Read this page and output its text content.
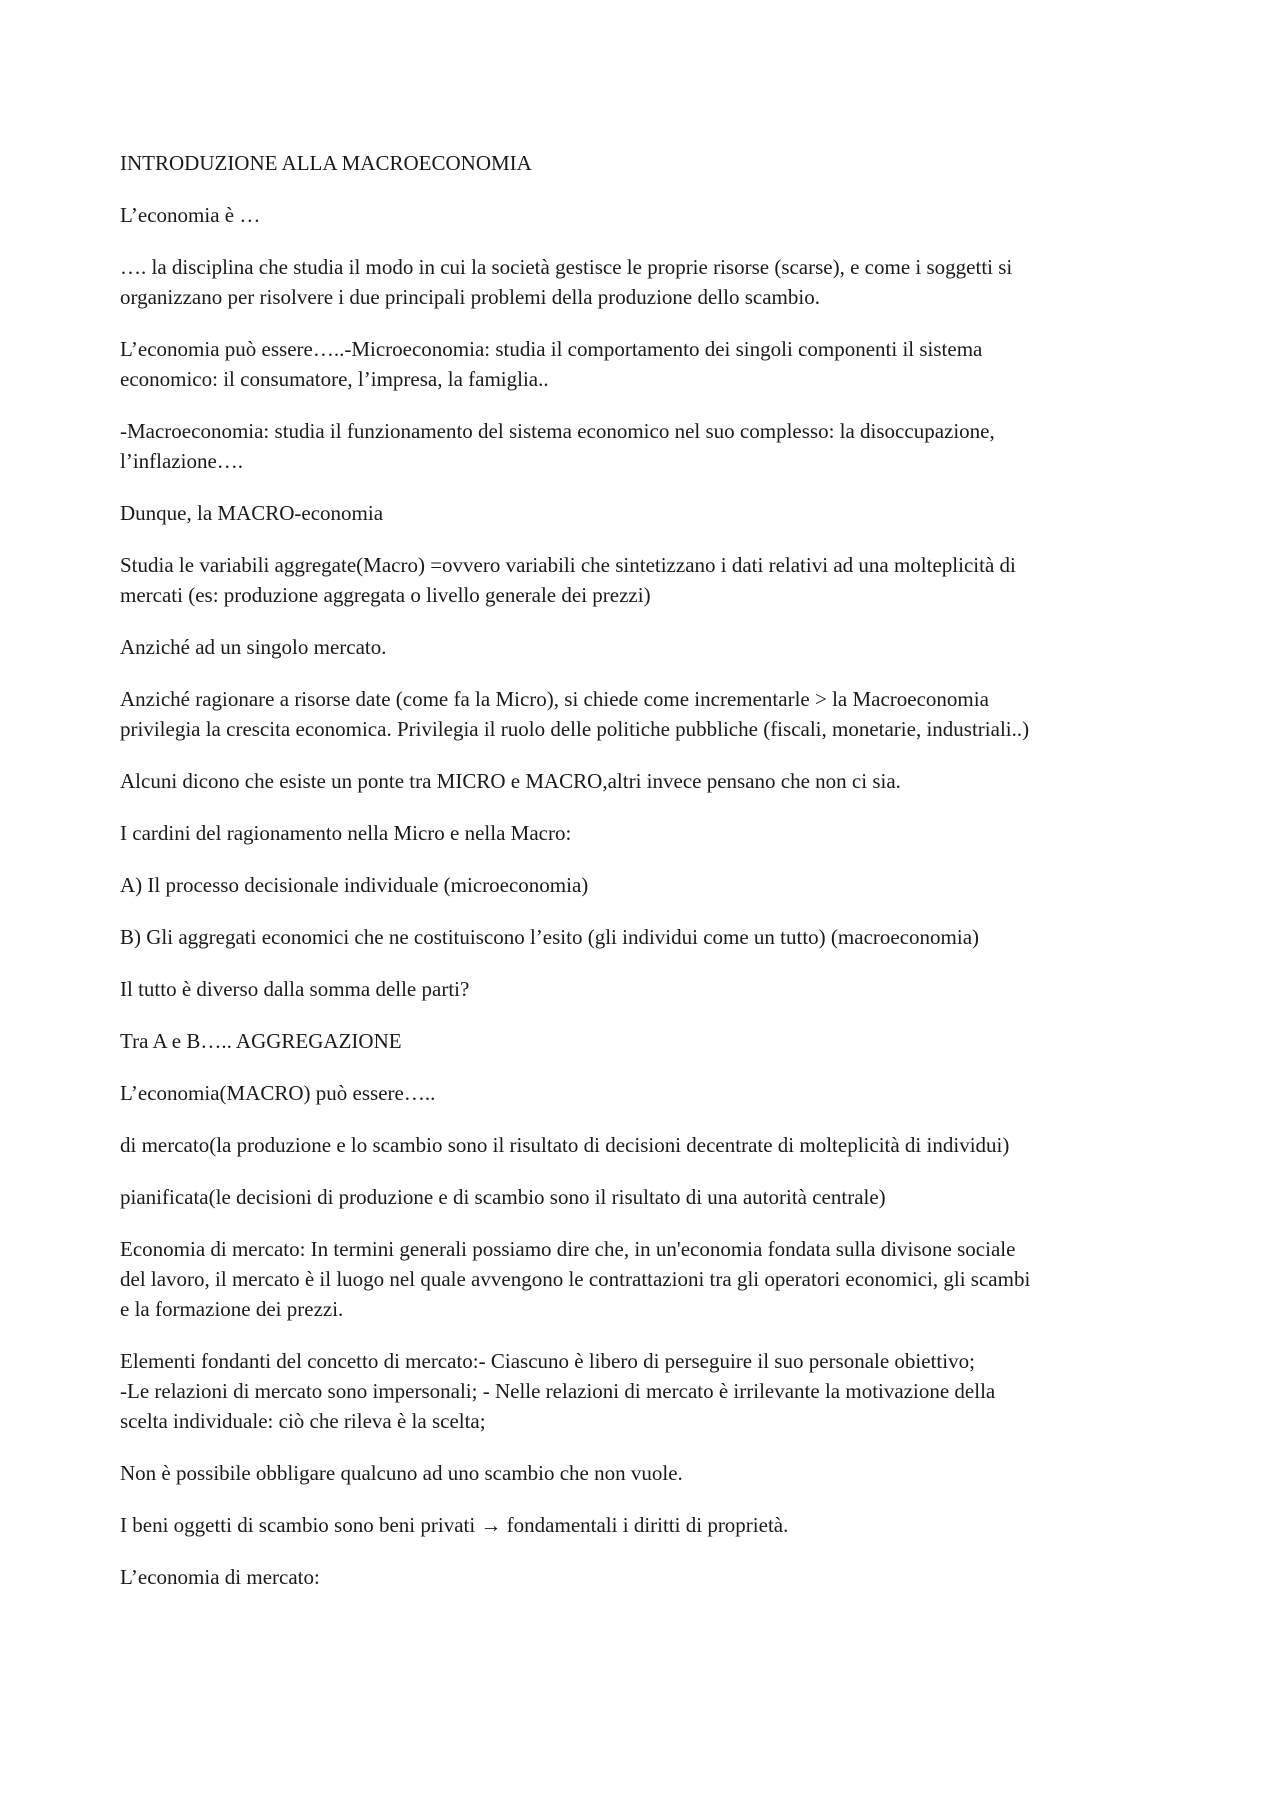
INTRODUZIONE ALLA MACROECONOMIA

L’economia è …

…. la disciplina che studia il modo in cui la società gestisce le proprie risorse (scarse), e come i soggetti si
organizzano per risolvere i due principali problemi della produzione dello scambio.

L’economia può essere…..-Microeconomia: studia il comportamento dei singoli componenti il sistema
economico: il consumatore, l’impresa, la famiglia..

-Macroeconomia: studia il funzionamento del sistema economico nel suo complesso: la disoccupazione,
l’inflazione….

Dunque, la MACRO-economia

Studia le variabili aggregate(Macro) =ovvero variabili che sintetizzano i dati relativi ad una molteplicità di
mercati (es: produzione aggregata o livello generale dei prezzi)

Anziché ad un singolo mercato.

Anziché ragionare a risorse date (come fa la Micro), si chiede come incrementarle > la Macroeconomia
privilegia la crescita economica. Privilegia il ruolo delle politiche pubbliche (fiscali, monetarie, industriali..)

Alcuni dicono che esiste un ponte tra MICRO e MACRO,altri invece pensano che non ci sia.

I cardini del ragionamento nella Micro e nella Macro:

A) Il processo decisionale individuale (microeconomia)

B) Gli aggregati economici che ne costituiscono l’esito (gli individui come un tutto) (macroeconomia)

Il tutto è diverso dalla somma delle parti?

Tra A e B….. AGGREGAZIONE

L’economia(MACRO) può essere…..

di mercato(la produzione e lo scambio sono il risultato di decisioni decentrate di molteplicità di individui)

pianificata(le decisioni di produzione e di scambio sono il risultato di una autorità centrale)

Economia di mercato: In termini generali possiamo dire che, in un'economia fondata sulla divisone sociale
del lavoro, il mercato è il luogo nel quale avvengono le contrattazioni tra gli operatori economici, gli scambi
e la formazione dei prezzi.

Elementi fondanti del concetto di mercato:- Ciascuno è libero di perseguire il suo personale obiettivo;
-Le relazioni di mercato sono impersonali; - Nelle relazioni di mercato è irrilevante la motivazione della
scelta individuale: ciò che rileva è la scelta;

Non è possibile obbligare qualcuno ad uno scambio che non vuole.

I beni oggetti di scambio sono beni privati → fondamentali i diritti di proprietà.

L’economia di mercato:
